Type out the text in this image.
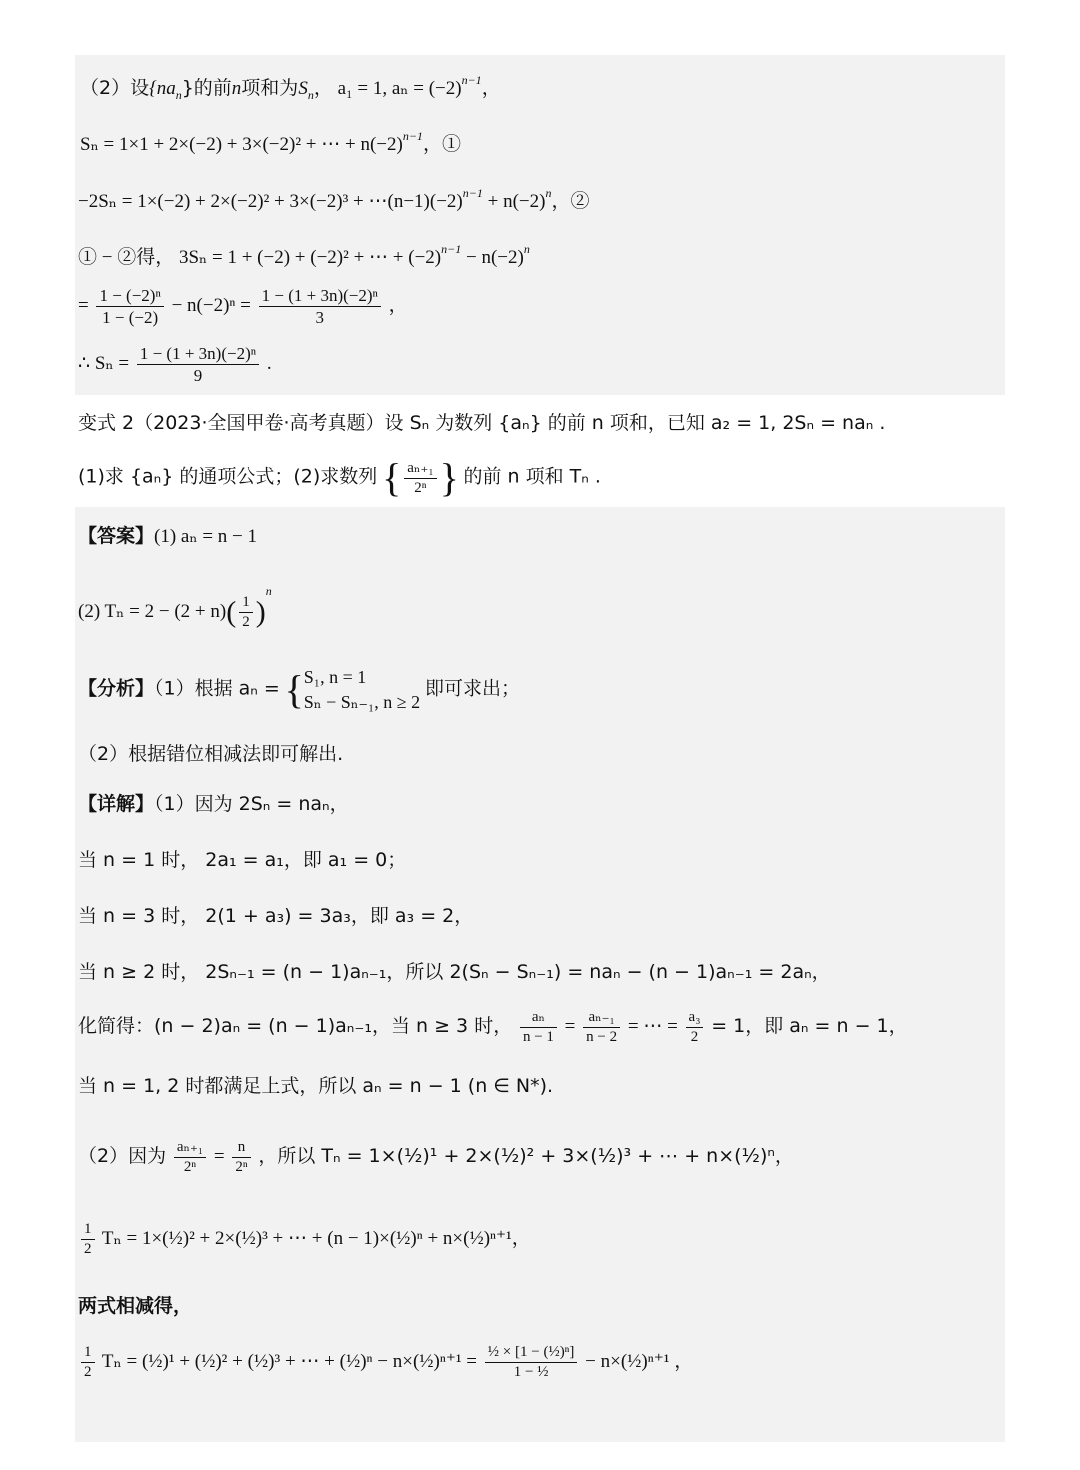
（2）设$\{na_n\}$的前n项和为$S_n$， a₁ = 1, $a_n = (-2)^{n-1}$，
Sₙ = 1×1 + 2×(−2) + 3×(−2)² + ⋯ + $n(-2)^{n-1}$，①
$-2S_n = 1\times(-2) + 2\times(-2)^2 + 3\times(-2)^3 + \cdots(n-1)(-2)^{n-1} + n(-2)^n$，②
① − ②得， 3Sₙ = 1 + (−2) + (−2)² + ⋯ + $(-2)^{n-1} - n(-2)^n$
= $\frac{\text{1 − (−2)ⁿ}}{1 - (-2)} - n(-2)^n = \frac{\text{1 − (1 + 3n)(−2)ⁿ}}{3}$ ，
∴ $S_n = \frac{\text{1 − (1 + 3n)(−2)ⁿ}}{9}$ .
变式 2（2023·全国甲卷·高考真题）设 Sₙ 为数列 {aₙ} 的前 n 项和，已知 a₂ = 1, 2Sₙ = naₙ .
(1)求 {aₙ} 的通项公式；(2)求数列 { $\frac{\text{aₙ₊₁}}{\text{2ⁿ}}$ } 的前 n 项和 Tₙ .
【答案】(1) aₙ = n − 1
(2) $T_n = 2 - (2 + n)( \frac{1}{2} )^n$
【分析】（1）根据 aₙ = { S₁, n = 1
Sₙ − Sₙ₋₁, n ≥ 2
即可求出；
（2）根据错位相减法即可解出.
【详解】（1）因为 2Sₙ = naₙ，
当 n = 1 时， 2a₁ = a₁，即 a₁ = 0；
当 n = 3 时， 2(1 + a₃) = 3a₃，即 a₃ = 2，
当 n ≥ 2 时， 2Sₙ₋₁ = (n − 1)aₙ₋₁，所以 2(Sₙ − Sₙ₋₁) = naₙ − (n − 1)aₙ₋₁ = 2aₙ，
化简得：(n − 2)aₙ = (n − 1)aₙ₋₁，当 n ≥ 3 时， $\frac{\text{aₙ}}{n - 1} = \frac{\text{aₙ₋₁}}{n - 2}$ = ⋯ = $\frac{\text{a₃}}{2} = 1$，即 aₙ = n − 1，
当 n = 1, 2 时都满足上式，所以 aₙ = n − 1 (n ∈ N*).
（2）因为 $\frac{\text{aₙ₊₁}}{\text{2ⁿ}} = \frac{n}{\text{2ⁿ}}$ ，所以 Tₙ = 1×(½)¹ + 2×(½)² + 3×(½)³ + ⋯ + n×(½)ⁿ，
$\frac{1}{2}$ Tₙ = 1×(½)² + 2×(½)³ + ⋯ + (n − 1)×(½)ⁿ + n×(½)ⁿ⁺¹，
两式相减得，
$\frac{1}{2}$ Tₙ = (½)¹ + (½)² + (½)³ + ⋯ + (½)ⁿ − n×(½)ⁿ⁺¹ = $\frac{\text{½ × [1 − (½)ⁿ]}}{\text{1 − ½}}$ − n×(½)ⁿ⁺¹ ，
